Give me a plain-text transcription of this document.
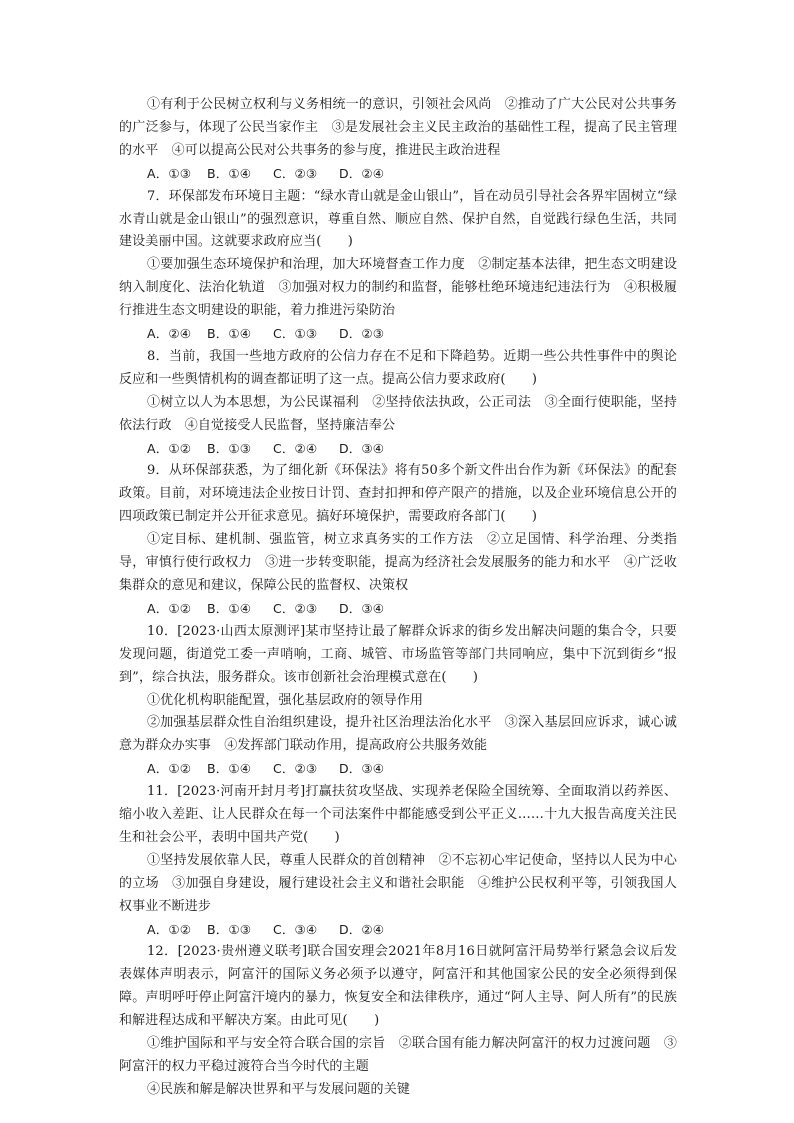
①有利于公民树立权利与义务相统一的意识，引领社会风尚　②推动了广大公民对公共事务的广泛参与，体现了公民当家作主　③是发展社会主义民主政治的基础性工程，提高了民主管理的水平　④可以提高公民对公共事务的参与度，推进民主政治进程

A．①③ B．①④ C．②③ D．②④

7．环保部发布环境日主题：“绿水青山就是金山银山”，旨在动员引导社会各界牢固树立“绿水青山就是金山银山”的强烈意识，尊重自然、顺应自然、保护自然，自觉践行绿色生活，共同建设美丽中国。这就要求政府应当(　　)

①要加强生态环境保护和治理，加大环境督查工作力度　②制定基本法律，把生态文明建设纳入制度化、法治化轨道　③加强对权力的制约和监督，能够杜绝环境违纪违法行为　④积极履行推进生态文明建设的职能，着力推进污染防治

A．②④ B．①④ C．①③ D．②③

8．当前，我国一些地方政府的公信力存在不足和下降趋势。近期一些公共性事件中的舆论反应和一些舆情机构的调查都证明了这一点。提高公信力要求政府(　　)

①树立以人为本思想，为公民谋福利　②坚持依法执政，公正司法　③全面行使职能，坚持依法行政　④自觉接受人民监督，坚持廉洁奉公

A．①② B．①③ C．②④ D．③④

9．从环保部获悉，为了细化新《环保法》将有50多个新文件出台作为新《环保法》的配套政策。目前，对环境违法企业按日计罚、查封扣押和停产限产的措施，以及企业环境信息公开的四项政策已制定并公开征求意见。搞好环境保护，需要政府各部门(　　)

①定目标、建机制、强监管，树立求真务实的工作方法　②立足国情、科学治理、分类指导，审慎行使行政权力　③进一步转变职能，提高为经济社会发展服务的能力和水平　④广泛收集群众的意见和建议，保障公民的监督权、决策权

A．①② B．①④ C．②③ D．③④

10．[2023·山西太原测评]某市坚持让最了解群众诉求的街乡发出解决问题的集合令，只要发现问题，街道党工委一声哨响，工商、城管、市场监管等部门共同响应，集中下沉到街乡“报到”，综合执法，服务群众。该市创新社会治理模式意在(　　)

①优化机构职能配置，强化基层政府的领导作用

②加强基层群众性自治组织建设，提升社区治理法治化水平　③深入基层回应诉求，诚心诚意为群众办实事　④发挥部门联动作用，提高政府公共服务效能

A．①② B．①④ C．②③ D．③④

11．[2023·河南开封月考]打赢扶贫攻坚战、实现养老保险全国统筹、全面取消以药养医、缩小收入差距、让人民群众在每一个司法案件中都能感受到公平正义……十九大报告高度关注民生和社会公平，表明中国共产党(　　)

①坚持发展依靠人民，尊重人民群众的首创精神　②不忘初心牢记使命，坚持以人民为中心的立场　③加强自身建设，履行建设社会主义和谐社会职能　④维护公民权利平等，引领我国人权事业不断进步

A．①② B．①③ C．③④ D．②④

12．[2023·贵州遵义联考]联合国安理会2021年8月16日就阿富汗局势举行紧急会议后发表媒体声明表示，阿富汗的国际义务必须予以遵守，阿富汗和其他国家公民的安全必须得到保障。声明呼吁停止阿富汗境内的暴力，恢复安全和法律秩序，通过“阿人主导、阿人所有”的民族和解进程达成和平解决方案。由此可见(　　)

①维护国际和平与安全符合联合国的宗旨　②联合国有能力解决阿富汗的权力过渡问题　③阿富汗的权力平稳过渡符合当今时代的主题

④民族和解是解决世界和平与发展问题的关键
